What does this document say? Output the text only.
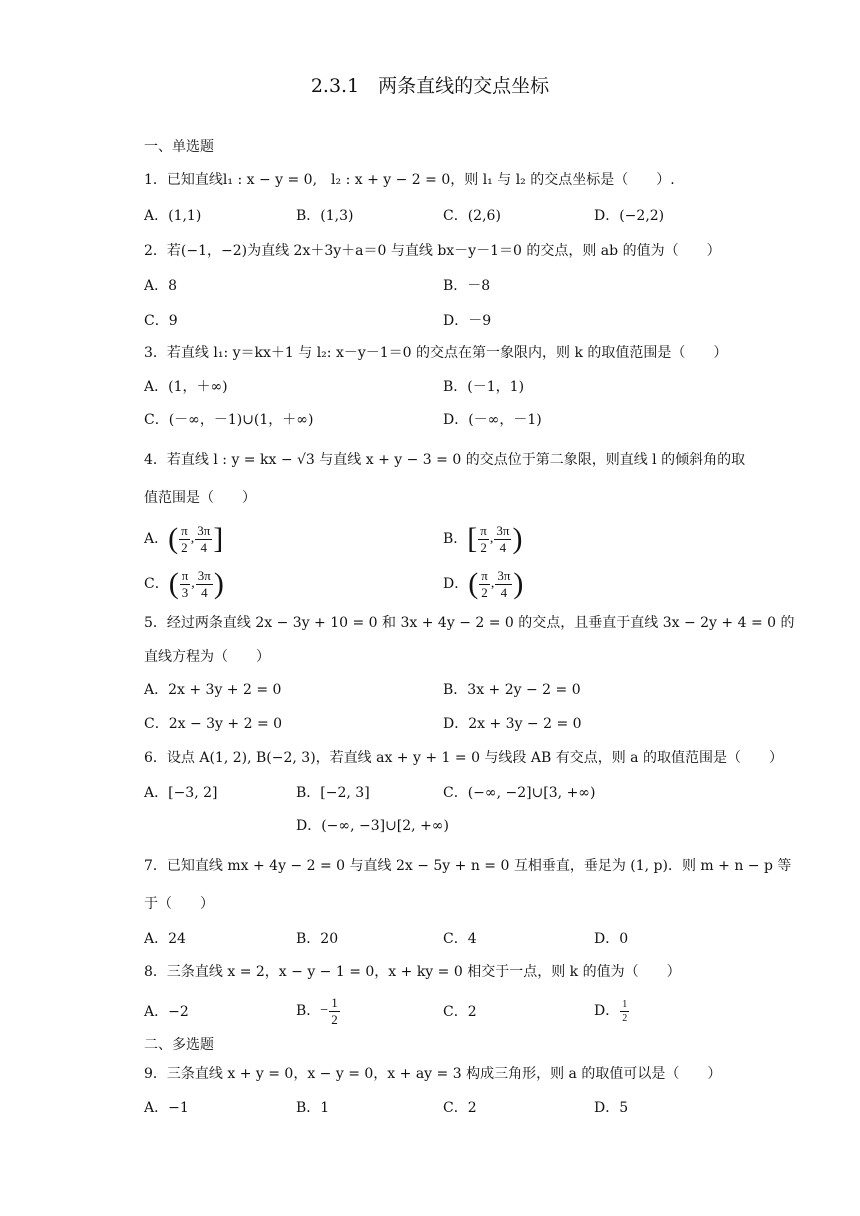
2.3.1　两条直线的交点坐标
一、单选题
1．已知直线l₁ : x − y = 0,　l₂ : x + y − 2 = 0，则 l₁ 与 l₂ 的交点坐标是（　　）.
A．(1,1)	B．(1,3)	C．(2,6)	D．(−2,2)
2．若(−1，−2)为直线 2x＋3y＋a＝0 与直线 bx－y－1＝0 的交点，则 ab 的值为（　　）
A．8	B．－8
C．9	D．－9
3．若直线 l₁: y＝kx＋1 与 l₂: x－y－1＝0 的交点在第一象限内，则 k 的取值范围是（　　）
A．(1，＋∞)	B．(－1，1)
C．(－∞，－1)∪(1，＋∞)	D．(－∞，－1)
4．若直线 l : y = kx − √3 与直线 x + y − 3 = 0 的交点位于第二象限，则直线 l 的倾斜角的取
值范围是（　　）
A． ( $\frac{\pi}{2}$ , $\frac{3\pi}{4}$ ]	B． [ $\frac{\pi}{2}$ , $\frac{3\pi}{4}$ )
C． ( $\frac{\pi}{3}$ , $\frac{3\pi}{4}$ )	D． ( $\frac{\pi}{2}$ , $\frac{3\pi}{4}$ )
5．经过两条直线 2x − 3y + 10 = 0 和 3x + 4y − 2 = 0 的交点，且垂直于直线 3x − 2y + 4 = 0 的
直线方程为（　　）
A．2x + 3y + 2 = 0	B．3x + 2y − 2 = 0
C．2x − 3y + 2 = 0	D．2x + 3y − 2 = 0
6．设点 A(1, 2), B(−2, 3)，若直线 ax + y + 1 = 0 与线段 AB 有交点，则 a 的取值范围是（　　）
A．[−3, 2]	B．[−2, 3]	C．(−∞, −2]∪[3, +∞)
D．(−∞, −3]∪[2, +∞)
7．已知直线 mx + 4y − 2 = 0 与直线 2x − 5y + n = 0 互相垂直，垂足为 (1, p)．则 m + n − p 等
于（　　）
A．24	B．20	C．4	D．0
8．三条直线 x = 2，x − y − 1 = 0，x + ky = 0 相交于一点，则 k 的值为（　　）
A．−2	B． − $\frac{1}{2}$	C．2	D． $\frac{1}{2}$
二、多选题
9．三条直线 x + y = 0，x − y = 0，x + ay = 3 构成三角形，则 a 的取值可以是（　　）
A．−1	B．1	C．2	D．5
